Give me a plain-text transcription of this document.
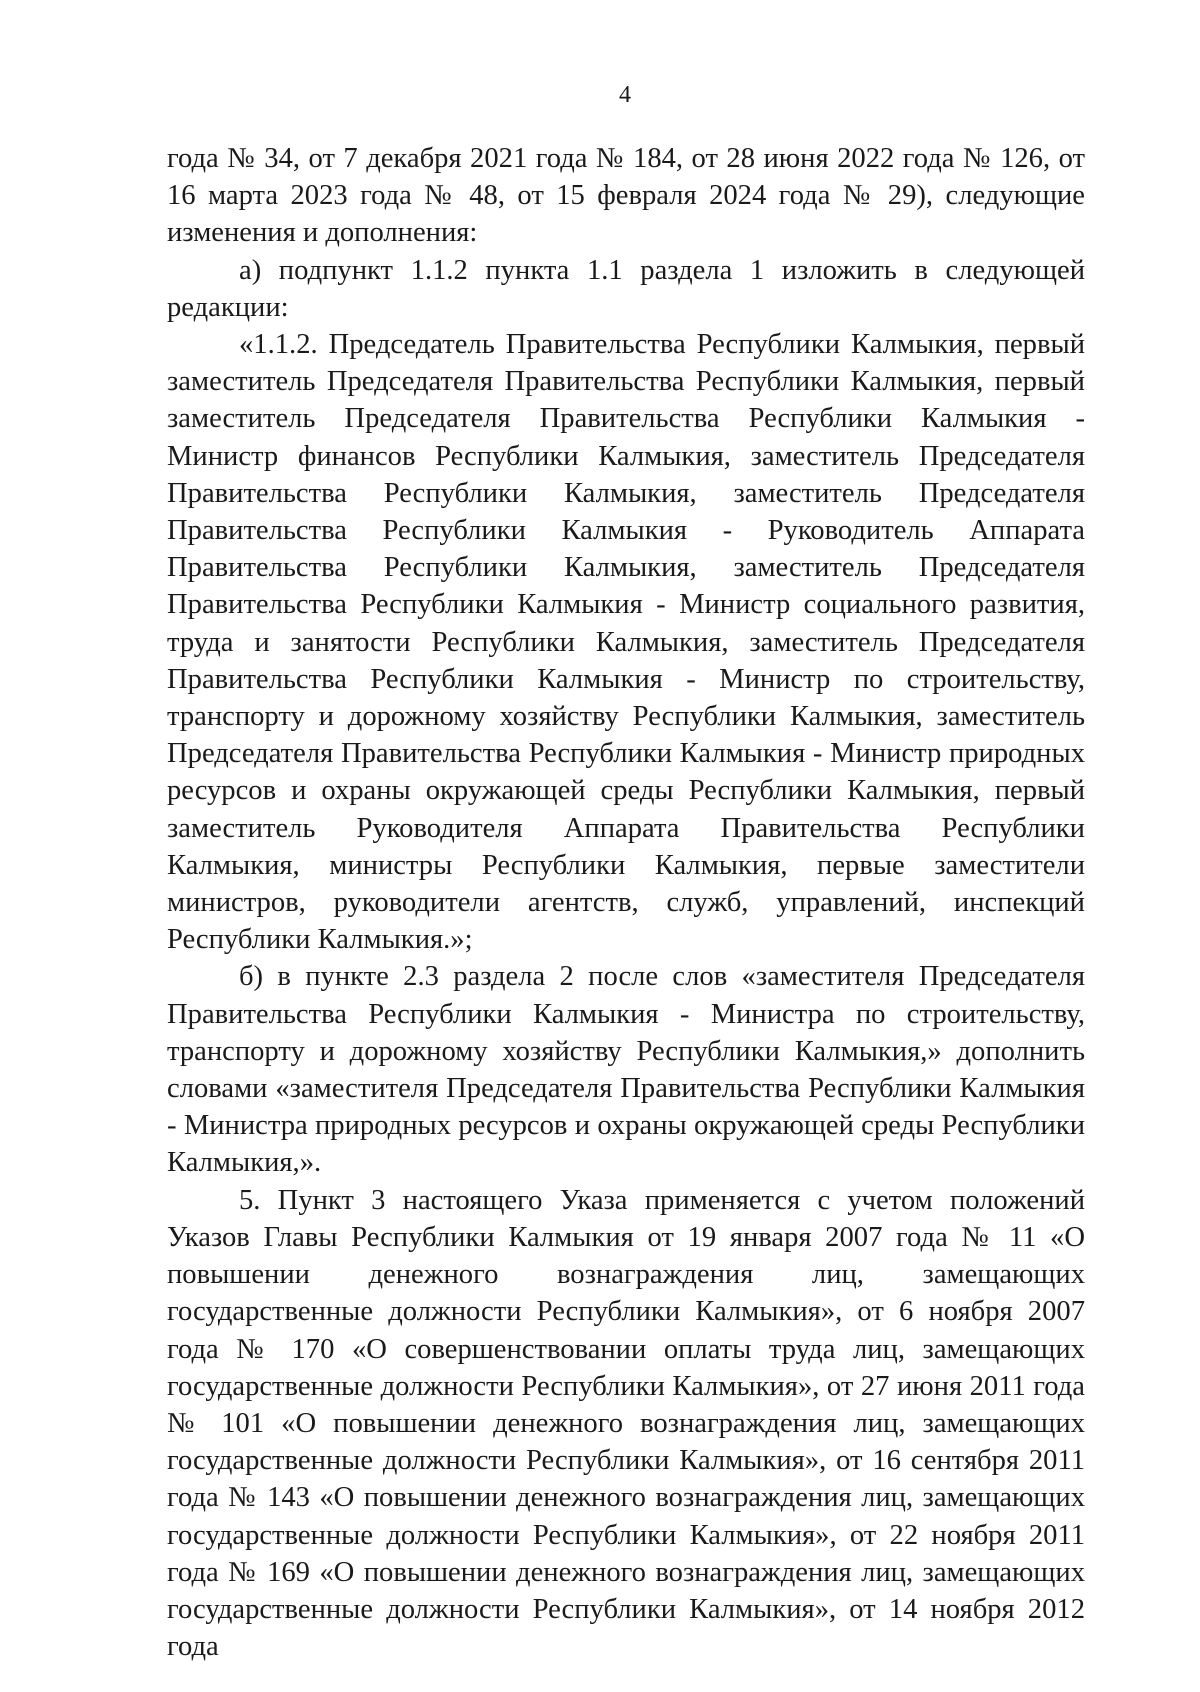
4

года № 34, от 7 декабря 2021 года № 184, от 28 июня 2022 года № 126, от 16 марта 2023 года № 48, от 15 февраля 2024 года № 29), следующие изменения и дополнения:

а) подпункт 1.1.2 пункта 1.1 раздела 1 изложить в следующей редакции:

«1.1.2. Председатель Правительства Республики Калмыкия, первый заместитель Председателя Правительства Республики Калмыкия, первый заместитель Председателя Правительства Республики Калмыкия - Министр финансов Республики Калмыкия, заместитель Председателя Правительства Республики Калмыкия, заместитель Председателя Правительства Республики Калмыкия - Руководитель Аппарата Правительства Республики Калмыкия, заместитель Председателя Правительства Республики Калмыкия - Министр социального развития, труда и занятости Республики Калмыкия, заместитель Председателя Правительства Республики Калмыкия - Министр по строительству, транспорту и дорожному хозяйству Республики Калмыкия, заместитель Председателя Правительства Республики Калмыкия - Министр природных ресурсов и охраны окружающей среды Республики Калмыкия, первый заместитель Руководителя Аппарата Правительства Республики Калмыкия, министры Республики Калмыкия, первые заместители министров, руководители агентств, служб, управлений, инспекций Республики Калмыкия.»;

б) в пункте 2.3 раздела 2 после слов «заместителя Председателя Правительства Республики Калмыкия - Министра по строительству, транспорту и дорожному хозяйству Республики Калмыкия,» дополнить словами «заместителя Председателя Правительства Республики Калмыкия - Министра природных ресурсов и охраны окружающей среды Республики Калмыкия,».

5. Пункт 3 настоящего Указа применяется с учетом положений Указов Главы Республики Калмыкия от 19 января 2007 года № 11 «О повышении денежного вознаграждения лиц, замещающих государственные должности Республики Калмыкия», от 6 ноября 2007 года № 170 «О совершенствовании оплаты труда лиц, замещающих государственные должности Республики Калмыкия», от 27 июня 2011 года № 101 «О повышении денежного вознаграждения лиц, замещающих государственные должности Республики Калмыкия», от 16 сентября 2011 года № 143 «О повышении денежного вознаграждения лиц, замещающих государственные должности Республики Калмыкия», от 22 ноября 2011 года № 169 «О повышении денежного вознаграждения лиц, замещающих государственные должности Республики Калмыкия», от 14 ноября 2012 года
